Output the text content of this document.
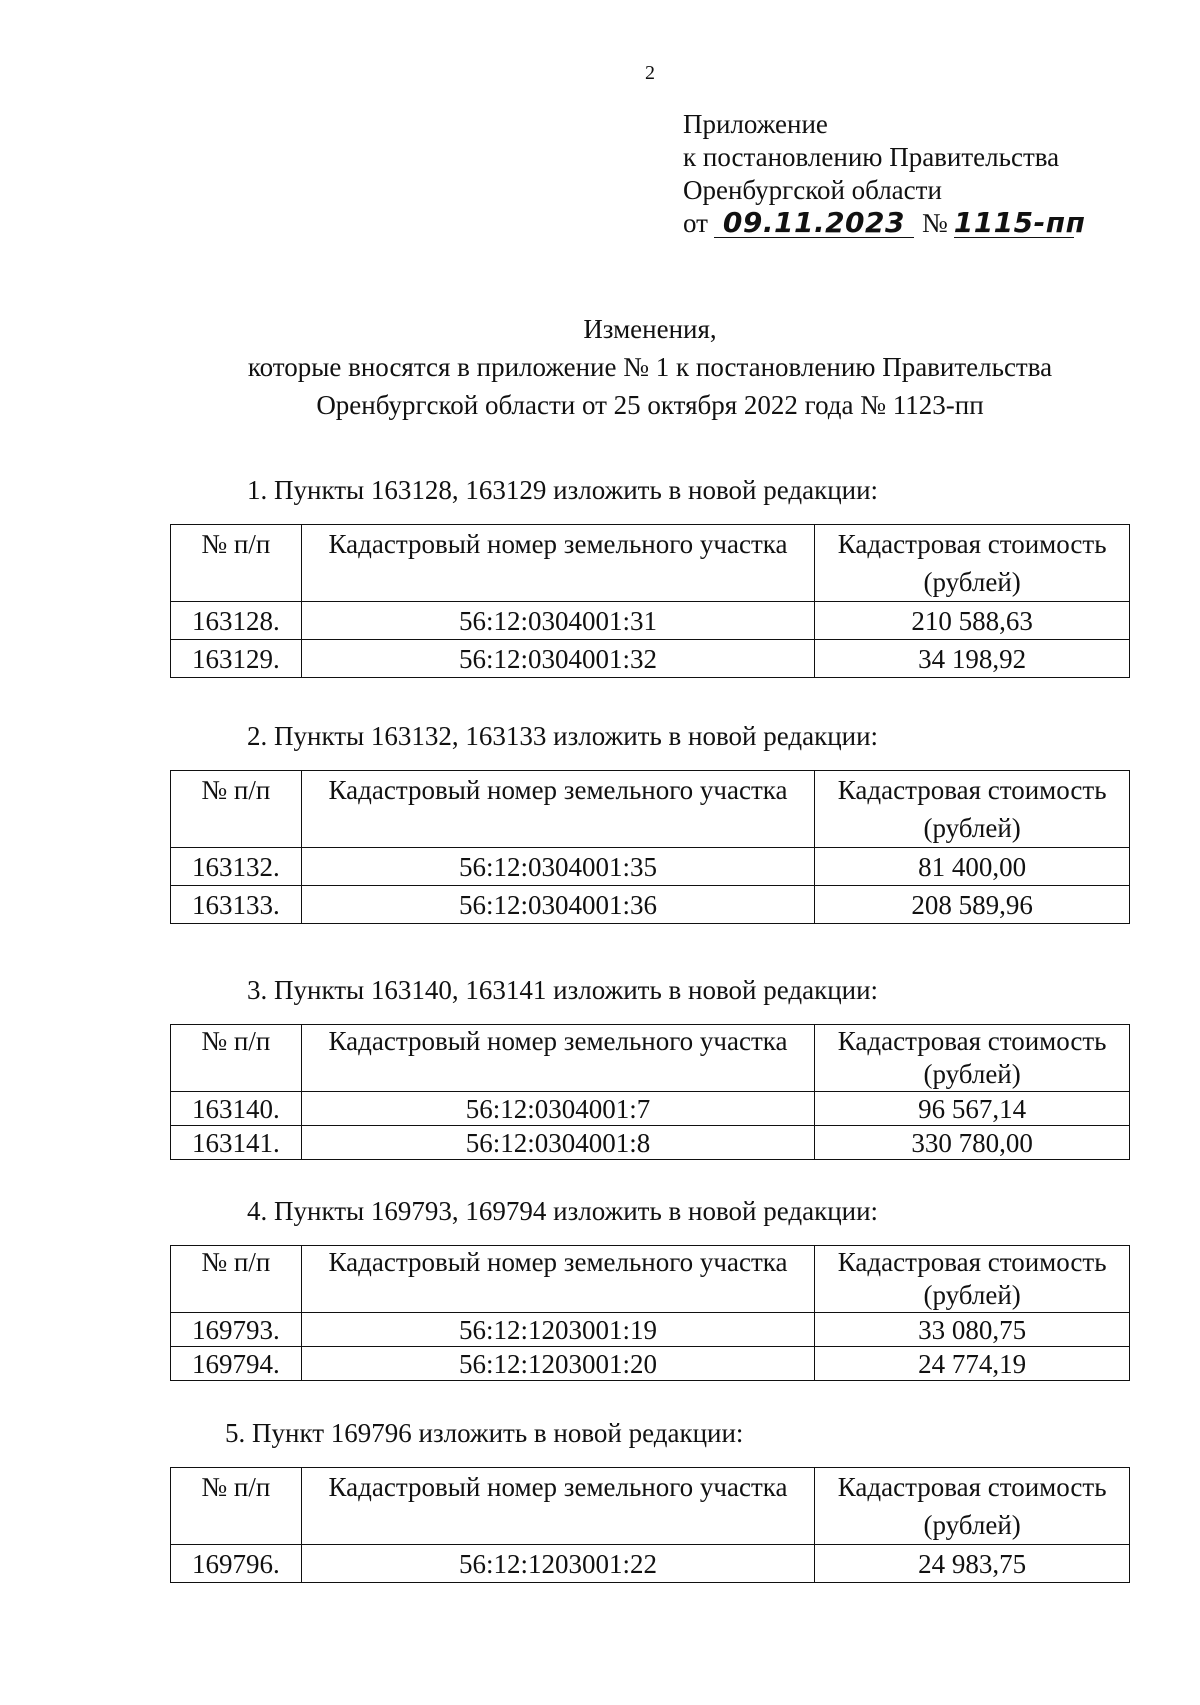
2
Приложение
к постановлению Правительства
Оренбургской области
от 09.11.2023 № 1115-пп
Изменения,
которые вносятся в приложение № 1 к постановлению Правительства
Оренбургской области от 25 октября 2022 года № 1123-пп
1. Пункты 163128, 163129 изложить в новой редакции:
№ п/п	Кадастровый номер земельного участка	Кадастровая стоимость
(рублей)

163128.	56:12:0304001:31	210 588,63
163129.	56:12:0304001:32	34 198,92
2. Пункты 163132, 163133 изложить в новой редакции:
№ п/п	Кадастровый номер земельного участка	Кадастровая стоимость
(рублей)

163132.	56:12:0304001:35	81 400,00
163133.	56:12:0304001:36	208 589,96
3. Пункты 163140, 163141 изложить в новой редакции:
№ п/п	Кадастровый номер земельного участка	Кадастровая стоимость
(рублей)

163140.	56:12:0304001:7	96 567,14
163141.	56:12:0304001:8	330 780,00
4. Пункты 169793, 169794 изложить в новой редакции:
№ п/п	Кадастровый номер земельного участка	Кадастровая стоимость
(рублей)

169793.	56:12:1203001:19	33 080,75
169794.	56:12:1203001:20	24 774,19
5. Пункт 169796 изложить в новой редакции:
№ п/п	Кадастровый номер земельного участка	Кадастровая стоимость
(рублей)

169796.	56:12:1203001:22	24 983,75
